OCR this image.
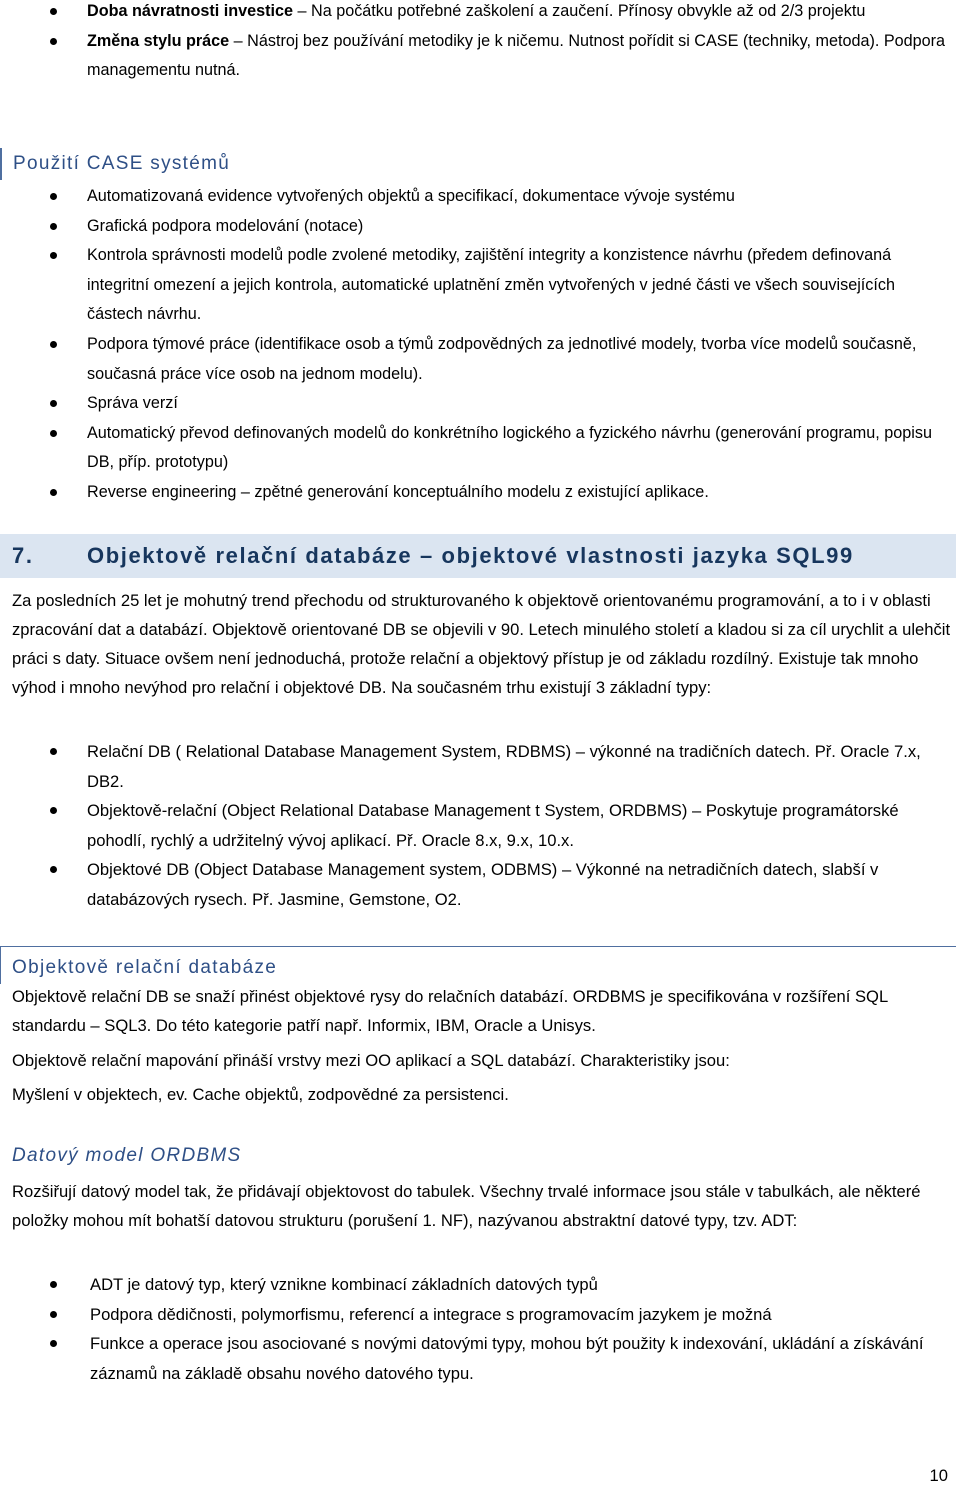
Doba návratnosti investice – Na počátku potřebné zaškolení a zaučení. Přínosy obvykle až od 2/3 projektu
Změna stylu práce – Nástroj bez používání metodiky je k ničemu. Nutnost pořídit si CASE (techniky, metoda). Podpora managementu nutná.
Použití CASE systémů
Automatizovaná evidence vytvořených objektů a specifikací, dokumentace vývoje systému
Grafická podpora modelování (notace)
Kontrola správnosti modelů podle zvolené metodiky, zajištění integrity a konzistence návrhu (předem definovaná integritní omezení a jejich kontrola, automatické uplatnění změn vytvořených v jedné části ve všech souvisejících částech návrhu.
Podpora týmové práce (identifikace osob a týmů zodpovědných za jednotlivé modely, tvorba více modelů současně, současná práce více osob na jednom modelu).
Správa verzí
Automatický převod definovaných modelů do konkrétního logického a fyzického návrhu (generování programu, popisu DB, příp. prototypu)
Reverse engineering – zpětné generování konceptuálního modelu z existující aplikace.
7. Objektově relační databáze – objektové vlastnosti jazyka SQL99

Za posledních 25 let je mohutný trend přechodu od strukturovaného k objektově orientovanému programování, a to i v oblasti zpracování dat a databází. Objektově orientované DB se objevili v 90. Letech minulého století a kladou si za cíl urychlit a ulehčit práci s daty. Situace ovšem není jednoduchá, protože relační a objektový přístup je od základu rozdílný. Existuje tak mnoho výhod i mnoho nevýhod pro relační i objektové DB. Na současném trhu existují 3 základní typy:

Relační DB ( Relational Database Management System, RDBMS) – výkonné na tradičních datech. Př. Oracle 7.x, DB2.
Objektově-relační (Object Relational Database Management t System, ORDBMS) – Poskytuje programátorské pohodlí, rychlý a udržitelný vývoj aplikací. Př. Oracle 8.x, 9.x, 10.x.
Objektové DB (Object Database Management system, ODBMS) – Výkonné na netradičních datech, slabší v databázových rysech. Př. Jasmine, Gemstone, O2.
Objektově relační databáze

Objektově relační DB se snaží přinést objektové rysy do relačních databází. ORDBMS je specifikována v rozšíření SQL standardu – SQL3. Do této kategorie patří např. Informix, IBM, Oracle a Unisys.

Objektově relační mapování přináší vrstvy mezi OO aplikací a SQL databází. Charakteristiky jsou:

Myšlení v objektech, ev. Cache objektů, zodpovědné za persistenci.

Datový model ORDBMS

Rozšiřují datový model tak, že přidávají objektovost do tabulek. Všechny trvalé informace jsou stále v tabulkách, ale některé položky mohou mít bohatší datovou strukturu (porušení 1. NF), nazývanou abstraktní datové typy, tzv. ADT:

ADT je datový typ, který vznikne kombinací základních datových typů
Podpora dědičnosti, polymorfismu, referencí a integrace s programovacím jazykem je možná
Funkce a operace jsou asociované s novými datovými typy, mohou být použity k indexování, ukládání a získávání záznamů na základě obsahu nového datového typu.
10
